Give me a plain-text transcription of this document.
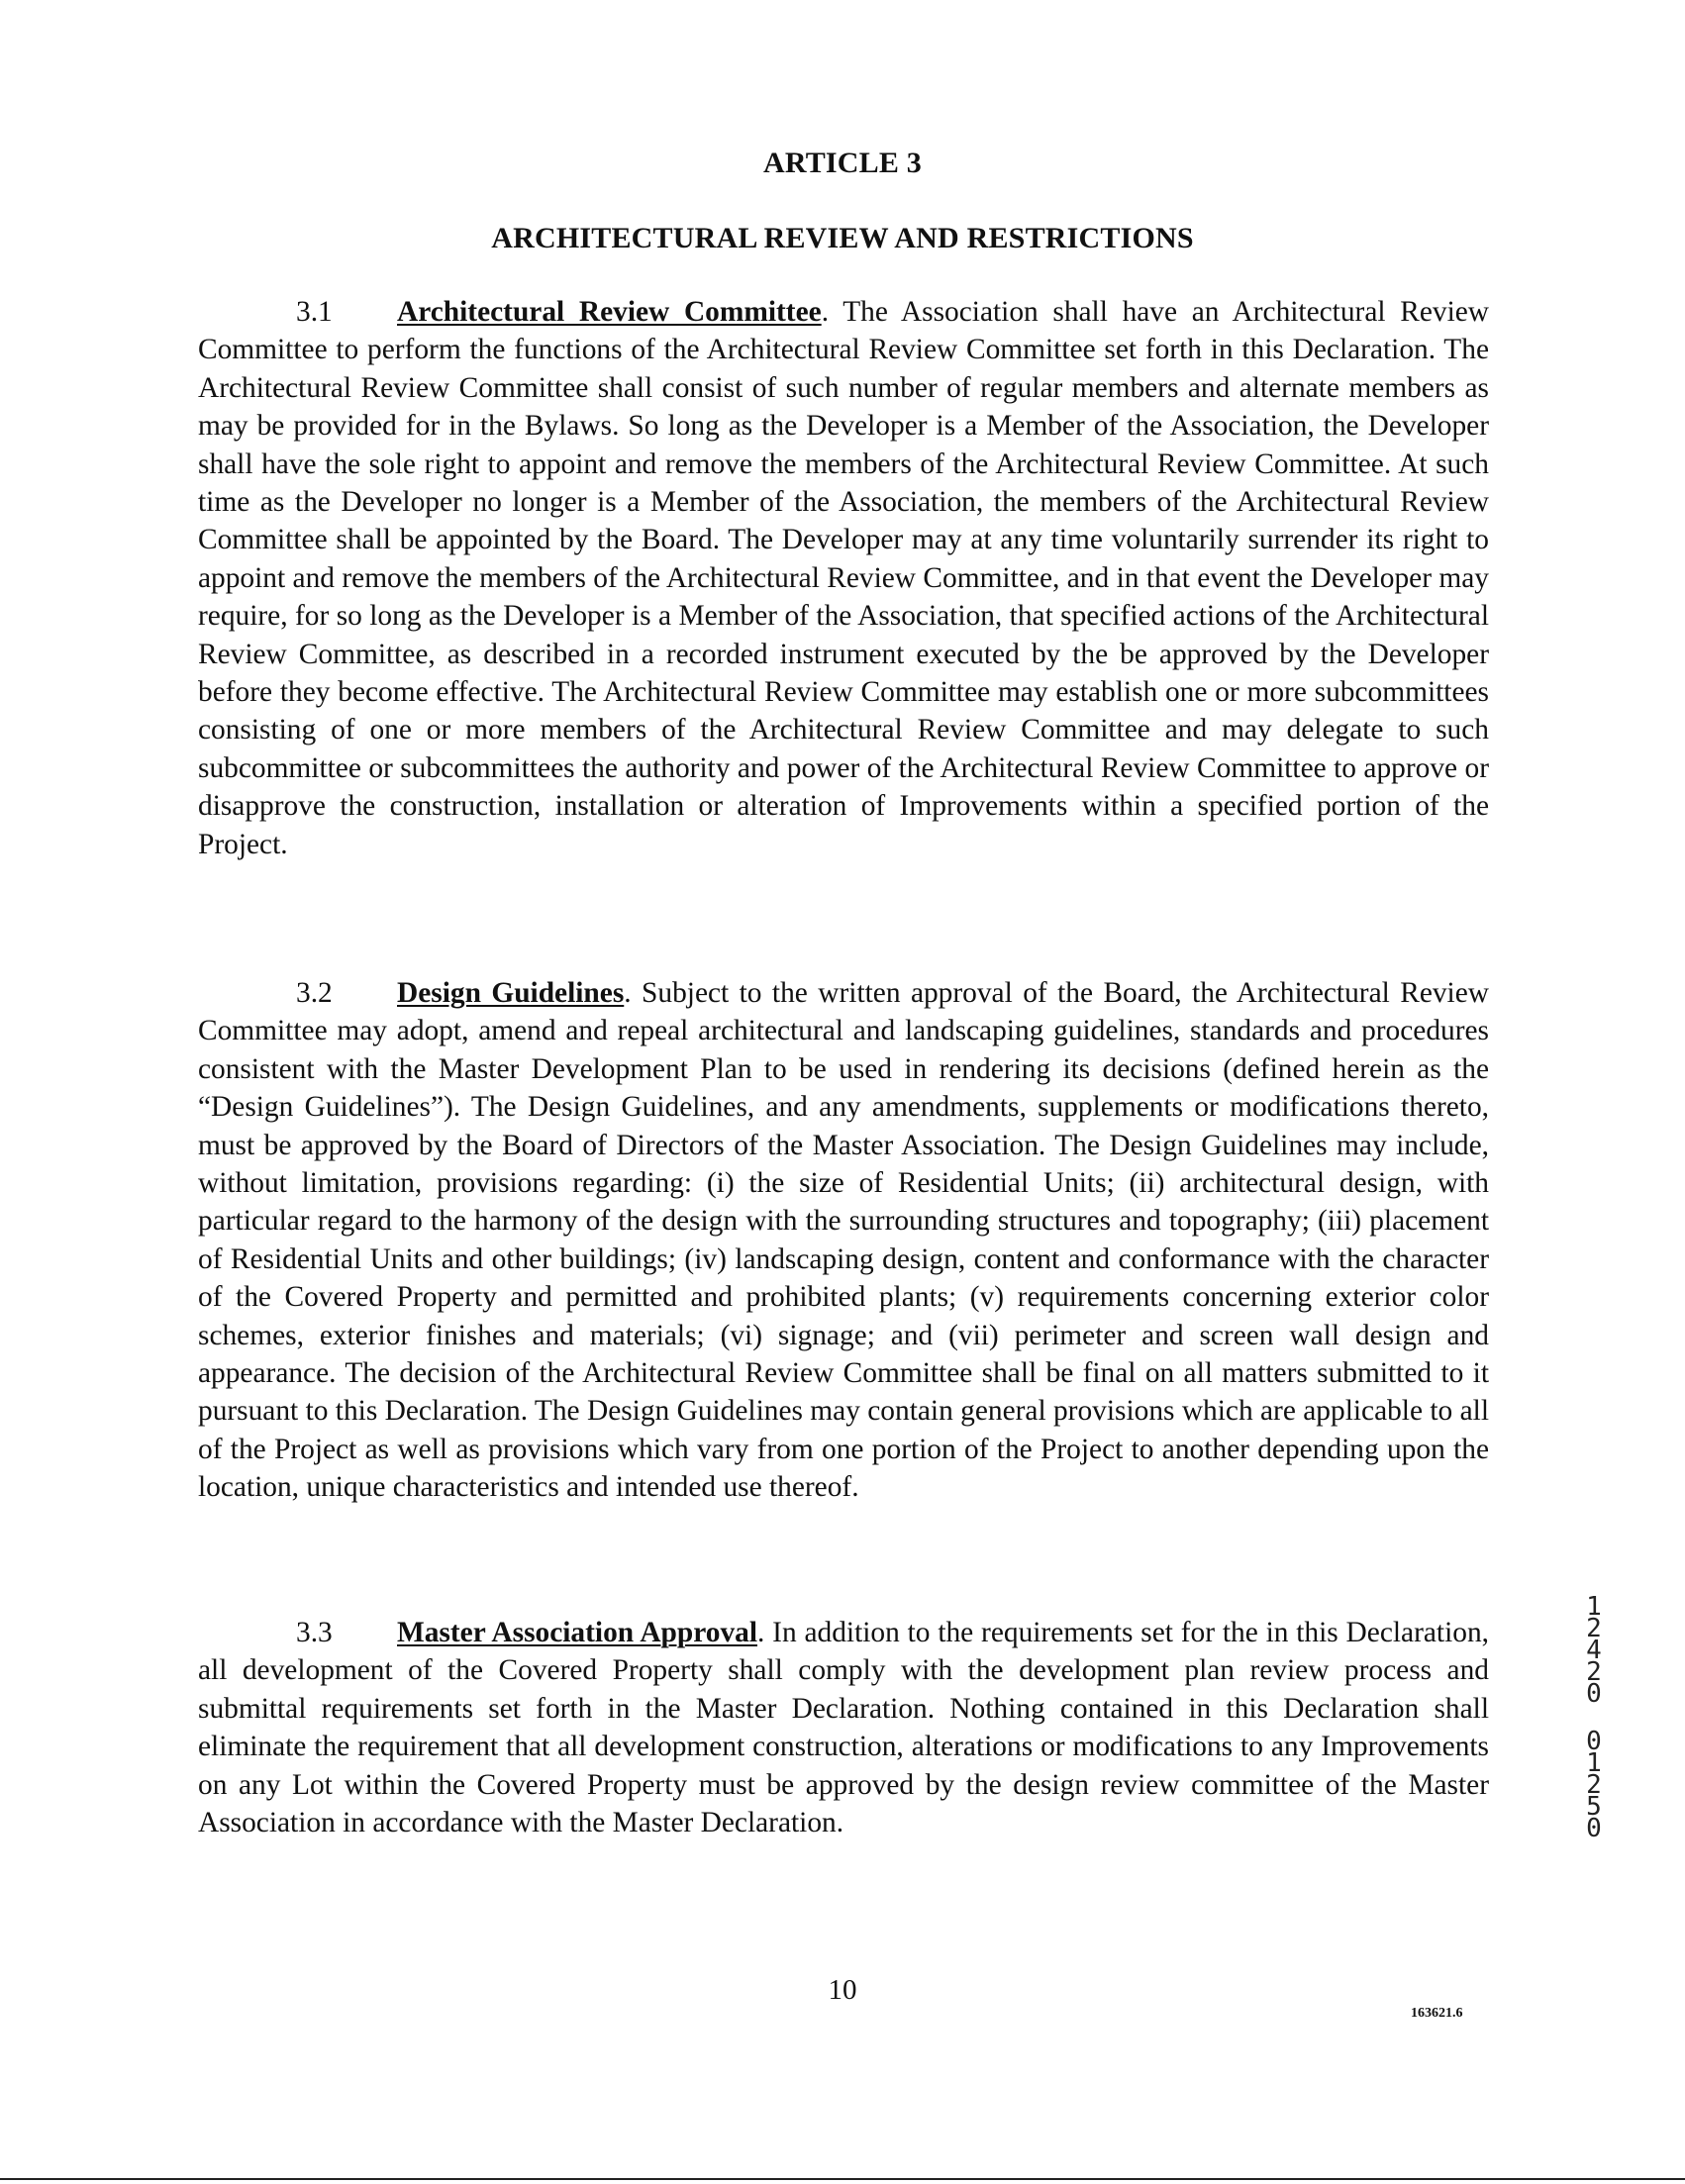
ARTICLE 3
ARCHITECTURAL REVIEW AND RESTRICTIONS
3.1 Architectural Review Committee. The Association shall have an Architectural Review Committee to perform the functions of the Architectural Review Committee set forth in this Declaration. The Architectural Review Committee shall consist of such number of regular members and alternate members as may be provided for in the Bylaws. So long as the Developer is a Member of the Association, the Developer shall have the sole right to appoint and remove the members of the Architectural Review Committee. At such time as the Developer no longer is a Member of the Association, the members of the Architectural Review Committee shall be appointed by the Board. The Developer may at any time voluntarily surrender its right to appoint and remove the members of the Architectural Review Committee, and in that event the Developer may require, for so long as the Developer is a Member of the Association, that specified actions of the Architectural Review Committee, as described in a recorded instrument executed by the be approved by the Developer before they become effective. The Architectural Review Committee may establish one or more subcommittees consisting of one or more members of the Architectural Review Committee and may delegate to such subcommittee or subcommittees the authority and power of the Architectural Review Committee to approve or disapprove the construction, installation or alteration of Improvements within a specified portion of the Project.
3.2 Design Guidelines. Subject to the written approval of the Board, the Architectural Review Committee may adopt, amend and repeal architectural and landscaping guidelines, standards and procedures consistent with the Master Development Plan to be used in rendering its decisions (defined herein as the “Design Guidelines”). The Design Guidelines, and any amendments, supplements or modifications thereto, must be approved by the Board of Directors of the Master Association. The Design Guidelines may include, without limitation, provisions regarding: (i) the size of Residential Units; (ii) architectural design, with particular regard to the harmony of the design with the surrounding structures and topography; (iii) placement of Residential Units and other buildings; (iv) landscaping design, content and conformance with the character of the Covered Property and permitted and prohibited plants; (v) requirements concerning exterior color schemes, exterior finishes and materials; (vi) signage; and (vii) perimeter and screen wall design and appearance. The decision of the Architectural Review Committee shall be final on all matters submitted to it pursuant to this Declaration. The Design Guidelines may contain general provisions which are applicable to all of the Project as well as provisions which vary from one portion of the Project to another depending upon the location, unique characteristics and intended use thereof.
3.3 Master Association Approval. In addition to the requirements set for the in this Declaration, all development of the Covered Property shall comply with the development plan review process and submittal requirements set forth in the Master Declaration. Nothing contained in this Declaration shall eliminate the requirement that all development construction, alterations or modifications to any Improvements on any Lot within the Covered Property must be approved by the design review committee of the Master Association in accordance with the Master Declaration.
1
2
4
2
0
0
1
2
5
0
10
163621.6
